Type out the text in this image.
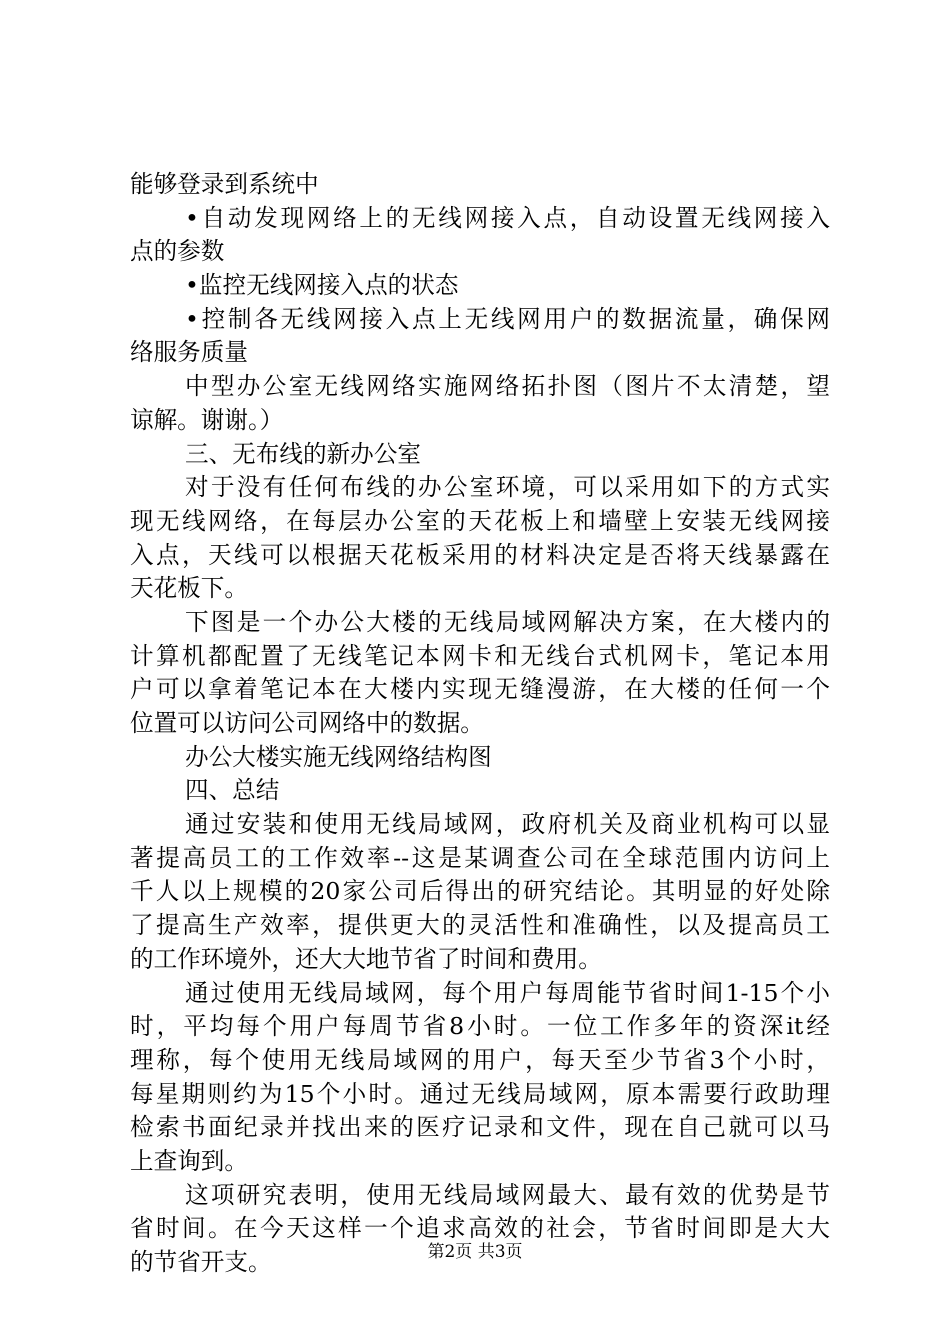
能够登录到系统中
•自动发现网络上的无线网接入点，自动设置无线网接入
点的参数
•监控无线网接入点的状态
•控制各无线网接入点上无线网用户的数据流量，确保网
络服务质量
中型办公室无线网络实施网络拓扑图（图片不太清楚，望
谅解。谢谢。）
三、无布线的新办公室
对于没有任何布线的办公室环境，可以采用如下的方式实
现无线网络，在每层办公室的天花板上和墙壁上安装无线网接
入点，天线可以根据天花板采用的材料决定是否将天线暴露在
天花板下。
下图是一个办公大楼的无线局域网解决方案，在大楼内的
计算机都配置了无线笔记本网卡和无线台式机网卡，笔记本用
户可以拿着笔记本在大楼内实现无缝漫游，在大楼的任何一个
位置可以访问公司网络中的数据。
办公大楼实施无线网络结构图
四、总结
通过安装和使用无线局域网，政府机关及商业机构可以显
著提高员工的工作效率--这是某调查公司在全球范围内访问上
千人以上规模的20家公司后得出的研究结论。其明显的好处除
了提高生产效率，提供更大的灵活性和准确性，以及提高员工
的工作环境外，还大大地节省了时间和费用。
通过使用无线局域网，每个用户每周能节省时间1-15个小
时，平均每个用户每周节省8小时。一位工作多年的资深it经
理称，每个使用无线局域网的用户，每天至少节省3个小时，
每星期则约为15个小时。通过无线局域网，原本需要行政助理
检索书面纪录并找出来的医疗记录和文件，现在自己就可以马
上查询到。
这项研究表明，使用无线局域网最大、最有效的优势是节
省时间。在今天这样一个追求高效的社会，节省时间即是大大
的节省开支。	第2页 共3页
